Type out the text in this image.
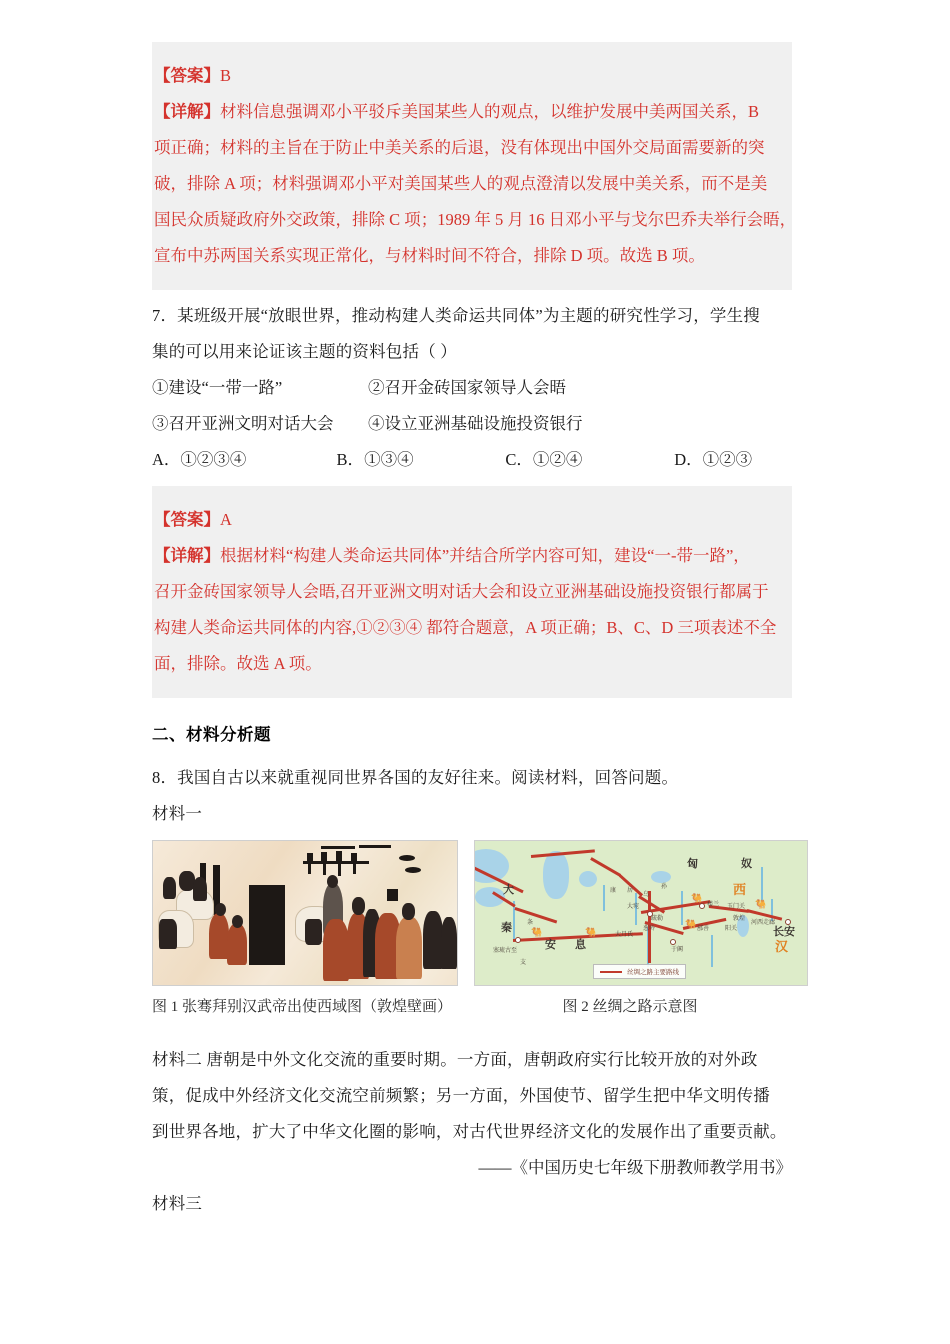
【答案】B
【详解】材料信息强调邓小平驳斥美国某些人的观点，以维护发展中美两国关系，B
项正确；材料的主旨在于防止中美关系的后退，没有体现出中国外交局面需要新的突
破，排除 A 项；材料强调邓小平对美国某些人的观点澄清以发展中美关系，而不是美
国民众质疑政府外交政策，排除 C 项；1989 年 5 月 16 日邓小平与戈尔巴乔夫举行会晤，
宣布中苏两国关系实现正常化，与材料时间不符合，排除 D 项。故选 B 项。
7．某班级开展“放眼世界，推动构建人类命运共同体”为主题的研究性学习，学生搜
集的可以用来论证该主题的资料包括（ ）
①建设“一带一路”	②召开金砖国家领导人会晤
③召开亚洲文明对话大会	④设立亚洲基础设施投资银行
A．①②③④	B．①③④	C．①②④	D．①②③
【答案】A
【详解】根据材料“构建人类命运共同体”并结合所学内容可知，建设“一-带一路”，
召开金砖国家领导人会晤,召开亚洲文明对话大会和设立亚洲基础设施投资银行都属于
构建人类命运共同体的内容,①②③④ 都符合题意，A 项正确；B、C、D 三项表述不全
面，排除。故选 A 项。
二、材料分析题
8．我国自古以来就重视同世界各国的友好往来。阅读材料，回答问题。
材料一
🐫	🐫
🐫
🐫
🐫
匈	奴
西
汉
大
秦
安 息
条
支
康 居
乌
孙
大宛
疏勒
葱岭
大月氏
于阗
鄯善
楼兰 玉门关
敦煌
阳关
河西走廊
长安
塞琉古至
丝绸之路主要路线
图 1 张骞拜别汉武帝出使西域图（敦煌壁画）	图 2 丝绸之路示意图
材料二 唐朝是中外文化交流的重要时期。一方面，唐朝政府实行比较开放的对外政
策，促成中外经济文化交流空前频繁；另一方面，外国使节、留学生把中华文明传播
到世界各地，扩大了中华文化圈的影响，对古代世界经济文化的发展作出了重要贡献。
——《中国历史七年级下册教师教学用书》
材料三
